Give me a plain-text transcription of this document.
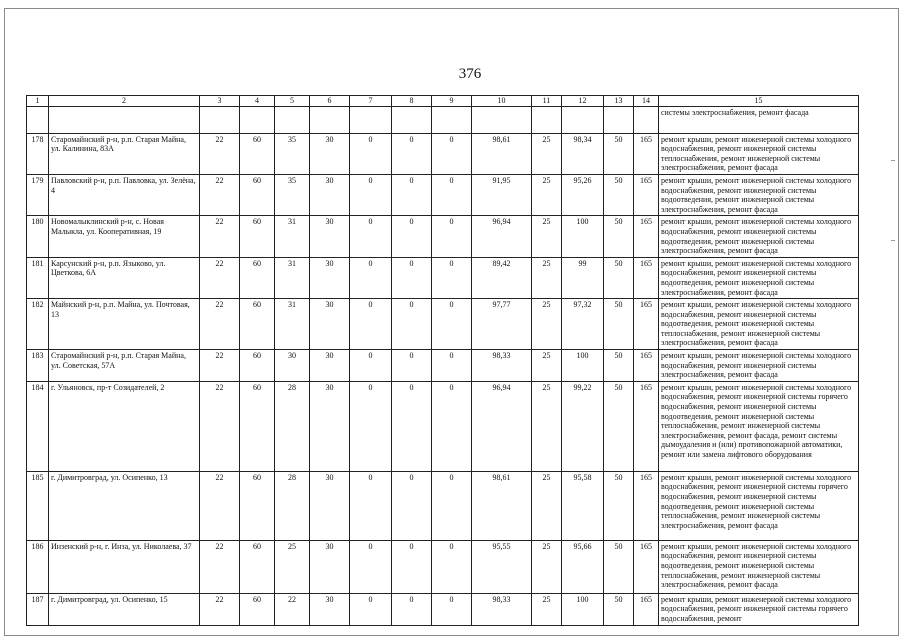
376
1	2	3	4	5	6	7	8	9	10	11	12	13	14	15
														системы электроснабжения, ремонт фасада
178	Старомайнский р-н, р.п. Старая Майна, ул. Калинина, 83А	22	60	35	30	0	0	0	98,61	25	98,34	50	165	ремонт крыши, ремонт инженерной системы холодного водоснабжения, ремонт инженерной системы теплоснабжения, ремонт инженерной системы электроснабжения, ремонт фасада
179	Павловский р-н, р.п. Павловка, ул. Зелёна, 4	22	60	35	30	0	0	0	91,95	25	95,26	50	165	ремонт крыши, ремонт инженерной системы холодного водоснабжения, ремонт инженерной системы водоотведения, ремонт инженерной системы электроснабжения, ремонт фасада
180	Новомалыклинский р-н, с. Новая Малыкла, ул. Кооперативная, 19	22	60	31	30	0	0	0	96,94	25	100	50	165	ремонт крыши, ремонт инженерной системы холодного водоснабжения, ремонт инженерной системы водоотведения, ремонт инженерной системы электроснабжения, ремонт фасада
181	Карсунский р-н, р.п. Языково, ул. Цветкова, 6А	22	60	31	30	0	0	0	89,42	25	99	50	165	ремонт крыши, ремонт инженерной системы холодного водоснабжения, ремонт инженерной системы водоотведения, ремонт инженерной системы электроснабжения, ремонт фасада
182	Майнский р-н, р.п. Майна, ул. Почтовая, 13	22	60	31	30	0	0	0	97,77	25	97,32	50	165	ремонт крыши, ремонт инженерной системы холодного водоснабжения, ремонт инженерной системы водоотведения, ремонт инженерной системы теплоснабжения, ремонт инженерной системы электроснабжения, ремонт фасада
183	Старомайнский р-н, р.п. Старая Майна, ул. Советская, 57А	22	60	30	30	0	0	0	98,33	25	100	50	165	ремонт крыши, ремонт инженерной системы холодного водоснабжения, ремонт инженерной системы электроснабжения, ремонт фасада
184	г. Ульяновск, пр-т Созидателей, 2	22	60	28	30	0	0	0	96,94	25	99,22	50	165	ремонт крыши, ремонт инженерной системы холодного водоснабжения, ремонт инженерной системы горячего водоснабжения, ремонт инженерной системы водоотведения, ремонт инженерной системы теплоснабжения, ремонт инженерной системы электроснабжения, ремонт фасада, ремонт системы дымоудаления и (или) противопожарной автоматики, ремонт или замена лифтового оборудования
185	г. Димитровград, ул. Осипенко, 13	22	60	28	30	0	0	0	98,61	25	95,58	50	165	ремонт крыши, ремонт инженерной системы холодного водоснабжения, ремонт инженерной системы горячего водоснабжения, ремонт инженерной системы водоотведения, ремонт инженерной системы теплоснабжения, ремонт инженерной системы электроснабжения, ремонт фасада
186	Инзенский р-н, г. Инза, ул. Николаева, 37	22	60	25	30	0	0	0	95,55	25	95,66	50	165	ремонт крыши, ремонт инженерной системы холодного водоснабжения, ремонт инженерной системы водоотведения, ремонт инженерной системы теплоснабжения, ремонт инженерной системы электроснабжения, ремонт фасада
187	г. Димитровград, ул. Осипенко, 15	22	60	22	30	0	0	0	98,33	25	100	50	165	ремонт крыши, ремонт инженерной системы холодного водоснабжения, ремонт инженерной системы горячего водоснабжения, ремонт
